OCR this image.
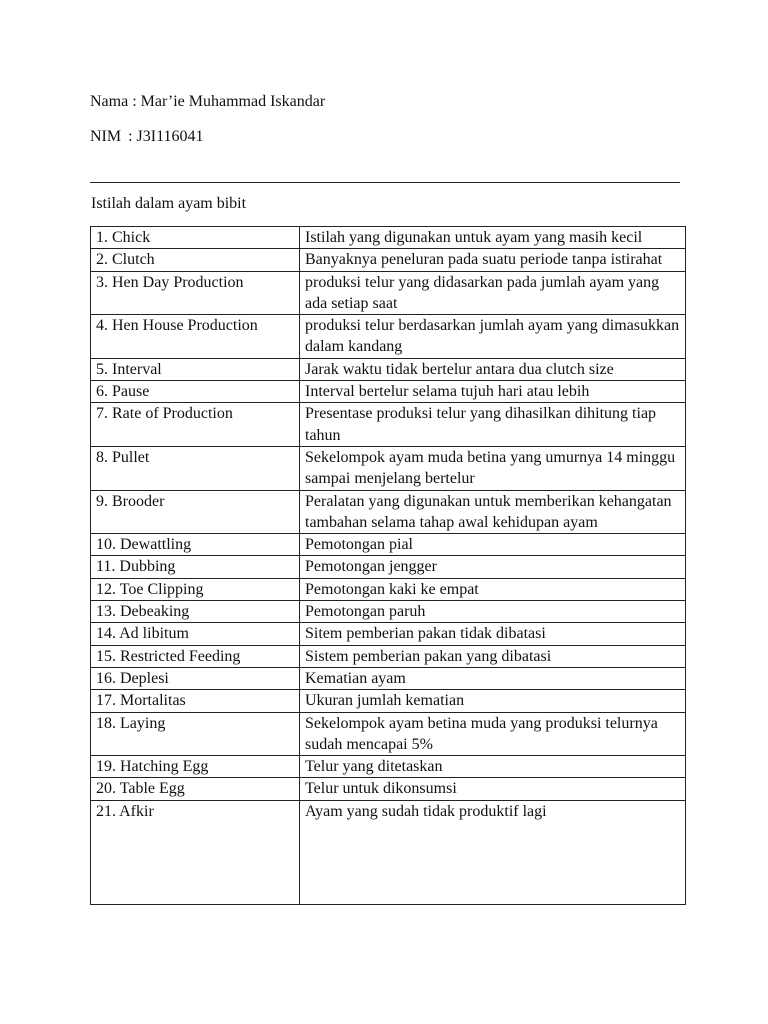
Nama : Mar’ie Muhammad Iskandar
NIM : J3I116041
Istilah dalam ayam bibit
1. Chick	Istilah yang digunakan untuk ayam yang masih kecil
2. Clutch	Banyaknya peneluran pada suatu periode tanpa istirahat
3. Hen Day Production	produksi telur yang didasarkan pada jumlah ayam yang ada setiap saat
4. Hen House Production	produksi telur berdasarkan jumlah ayam yang dimasukkan dalam kandang
5. Interval	Jarak waktu tidak bertelur antara dua clutch size
6. Pause	Interval bertelur selama tujuh hari atau lebih
7. Rate of Production	Presentase produksi telur yang dihasilkan dihitung tiap tahun
8. Pullet	Sekelompok ayam muda betina yang umurnya 14 minggu sampai menjelang bertelur
9. Brooder	Peralatan yang digunakan untuk memberikan kehangatan tambahan selama tahap awal kehidupan ayam
10. Dewattling	Pemotongan pial
11. Dubbing	Pemotongan jengger
12. Toe Clipping	Pemotongan kaki ke empat
13. Debeaking	Pemotongan paruh
14. Ad libitum	Sitem pemberian pakan tidak dibatasi
15. Restricted Feeding	Sistem pemberian pakan yang dibatasi
16. Deplesi	Kematian ayam
17. Mortalitas	Ukuran jumlah kematian
18. Laying	Sekelompok ayam betina muda yang produksi telurnya sudah mencapai 5%
19. Hatching Egg	Telur yang ditetaskan
20. Table Egg	Telur untuk dikonsumsi
21. Afkir	Ayam yang sudah tidak produktif lagi
